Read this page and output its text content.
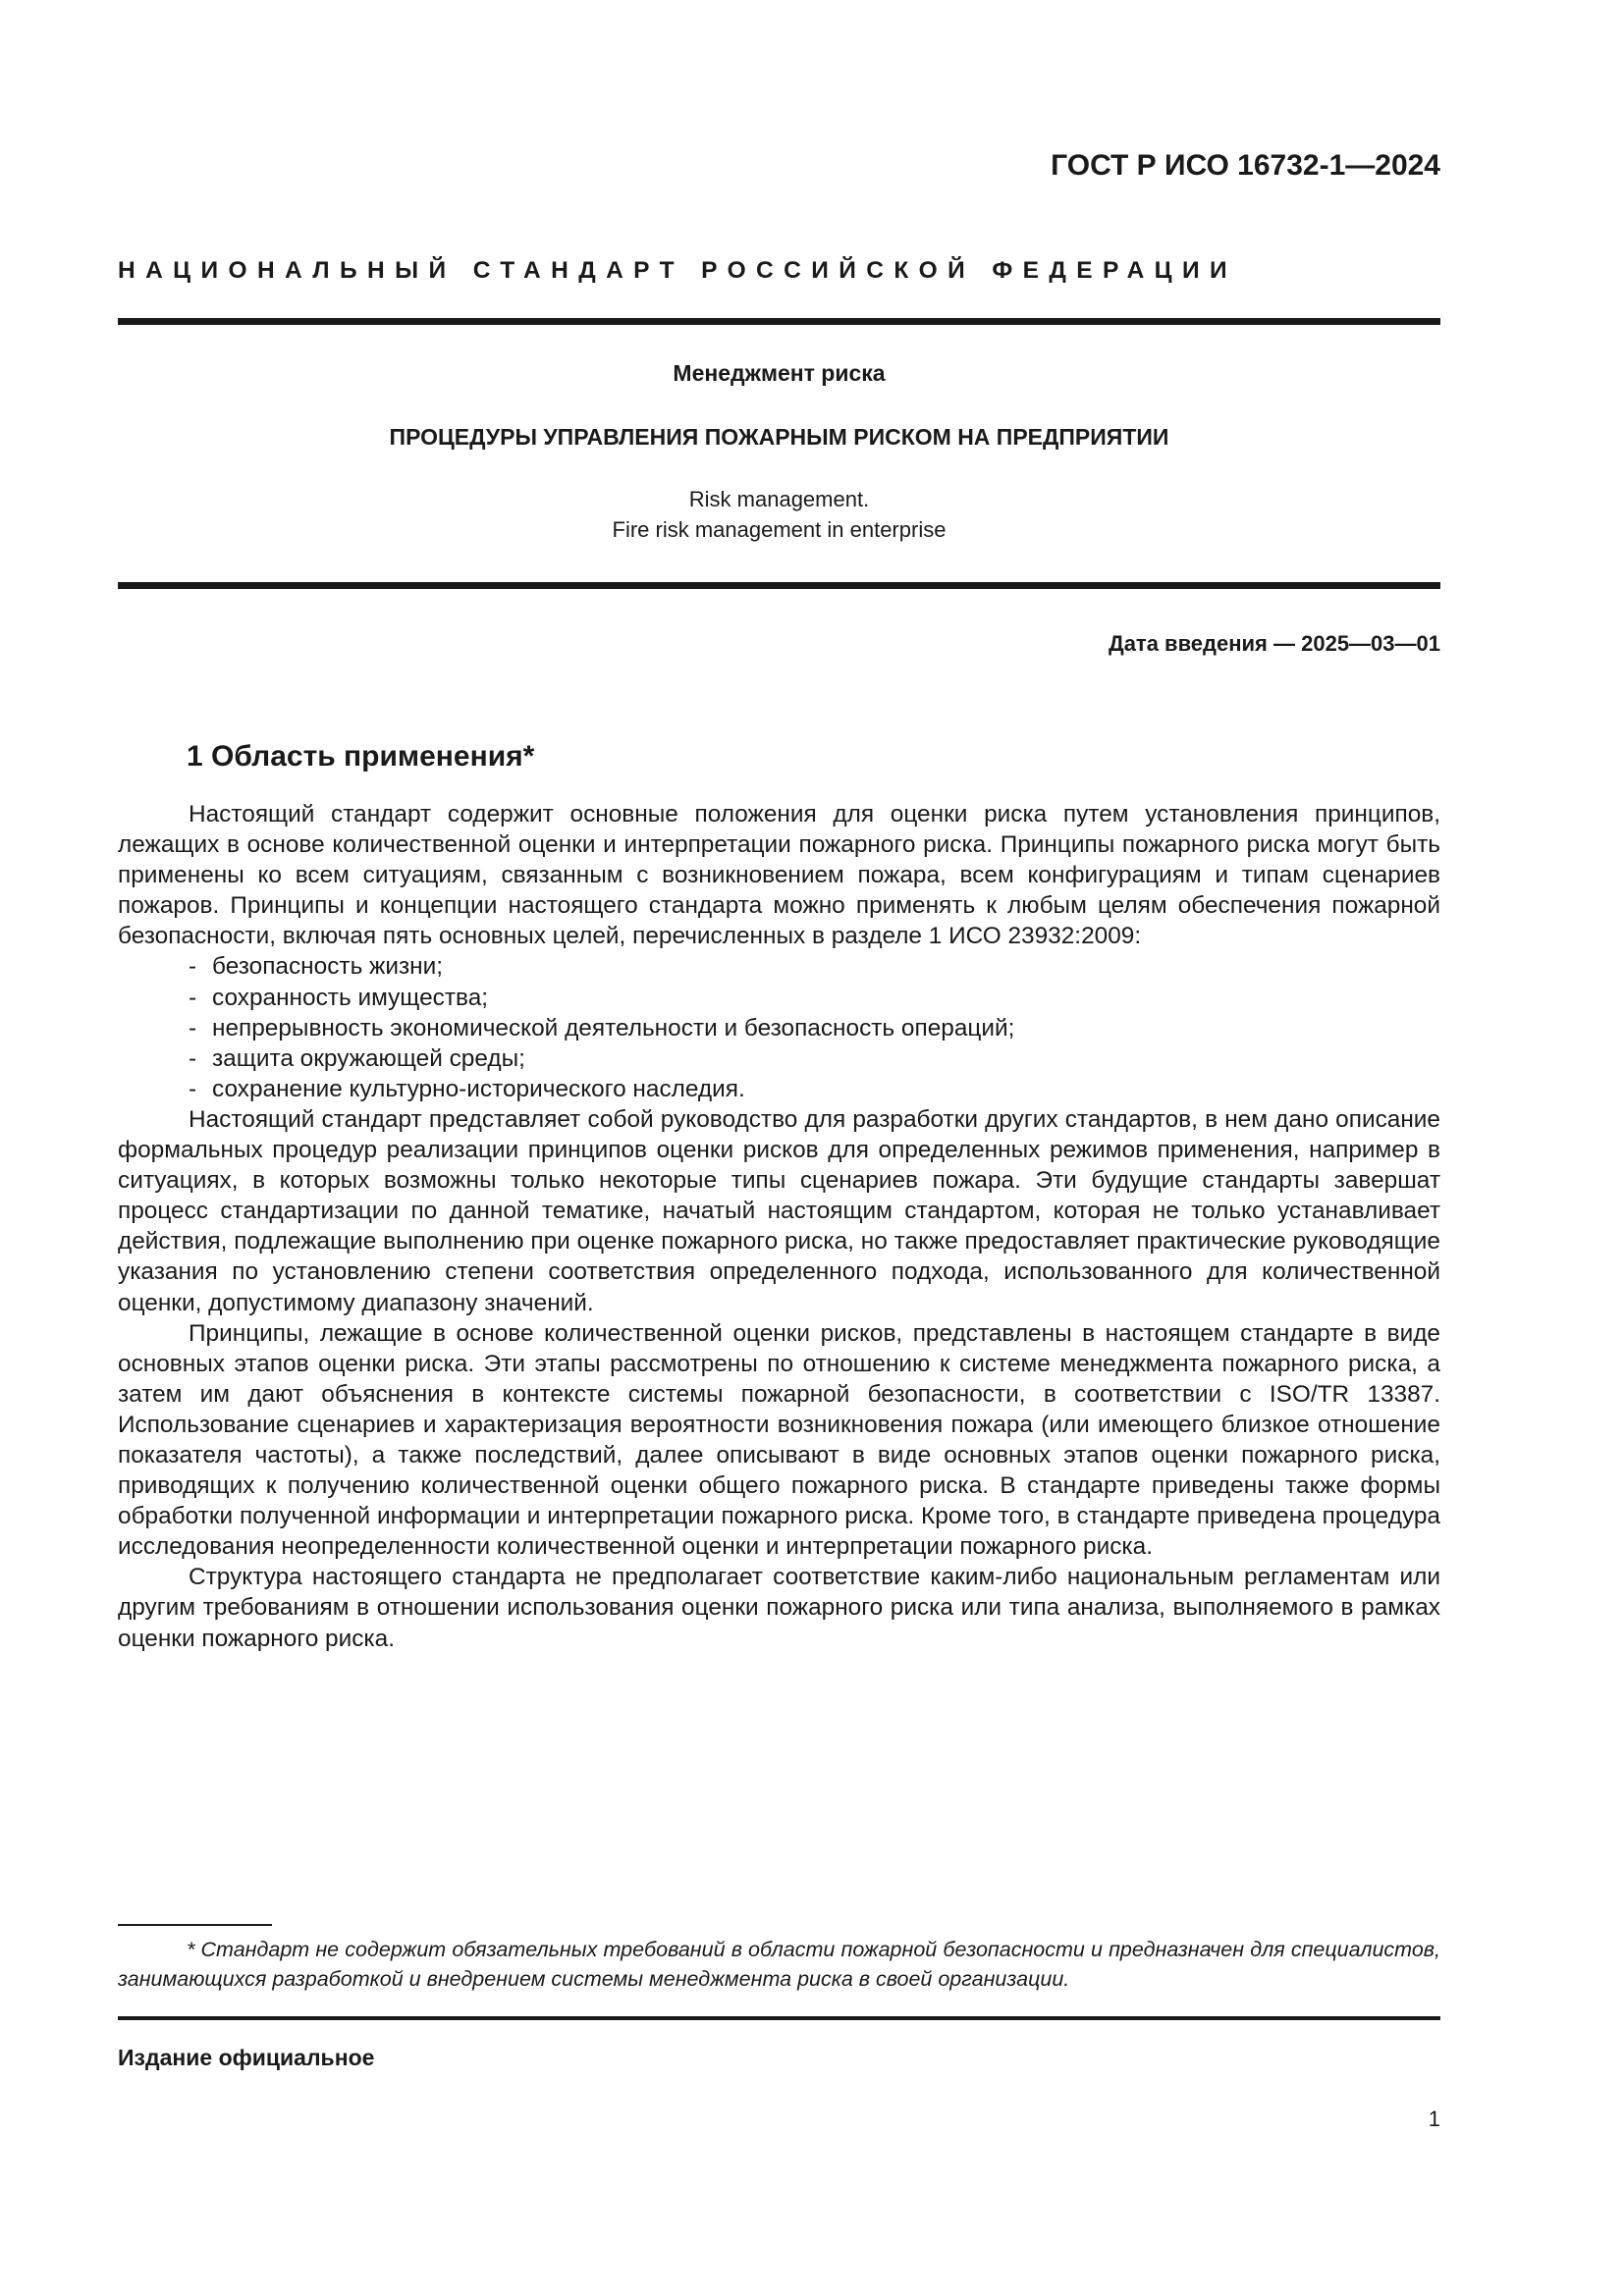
ГОСТ Р ИСО 16732-1—2024
НАЦИОНАЛЬНЫЙ СТАНДАРТ РОССИЙСКОЙ ФЕДЕРАЦИИ
Менеджмент риска
ПРОЦЕДУРЫ УПРАВЛЕНИЯ ПОЖАРНЫМ РИСКОМ НА ПРЕДПРИЯТИИ
Risk management.
Fire risk management in enterprise
Дата введения — 2025—03—01
1 Область применения*

Настоящий стандарт содержит основные положения для оценки риска путем установления принципов, лежащих в основе количественной оценки и интерпретации пожарного риска. Принципы пожарного риска могут быть применены ко всем ситуациям, связанным с возникновением пожара, всем конфигурациям и типам сценариев пожаров. Принципы и концепции настоящего стандарта можно применять к любым целям обеспечения пожарной безопасности, включая пять основных целей, перечисленных в разделе 1 ИСО 23932:2009:

- безопасность жизни;
- сохранность имущества;
- непрерывность экономической деятельности и безопасность операций;
- защита окружающей среды;
- сохранение культурно-исторического наследия.

Настоящий стандарт представляет собой руководство для разработки других стандартов, в нем дано описание формальных процедур реализации принципов оценки рисков для определенных режимов применения, например в ситуациях, в которых возможны только некоторые типы сценариев пожара. Эти будущие стандарты завершат процесс стандартизации по данной тематике, начатый настоящим стандартом, которая не только устанавливает действия, подлежащие выполнению при оценке пожарного риска, но также предоставляет практические руководящие указания по установлению степени соответствия определенного подхода, использованного для количественной оценки, допустимому диапазону значений.

Принципы, лежащие в основе количественной оценки рисков, представлены в настоящем стандарте в виде основных этапов оценки риска. Эти этапы рассмотрены по отношению к системе менеджмента пожарного риска, а затем им дают объяснения в контексте системы пожарной безопасности, в соответствии с ISO/TR 13387. Использование сценариев и характеризация вероятности возникновения пожара (или имеющего близкое отношение показателя частоты), а также последствий, далее описывают в виде основных этапов оценки пожарного риска, приводящих к получению количественной оценки общего пожарного риска. В стандарте приведены также формы обработки полученной информации и интерпретации пожарного риска. Кроме того, в стандарте приведена процедура исследования неопределенности количественной оценки и интерпретации пожарного риска.

Структура настоящего стандарта не предполагает соответствие каким-либо национальным регламентам или другим требованиям в отношении использования оценки пожарного риска или типа анализа, выполняемого в рамках оценки пожарного риска.

* Стандарт не содержит обязательных требований в области пожарной безопасности и предназначен для специалистов, занимающихся разработкой и внедрением системы менеджмента риска в своей организации.
Издание официальное
1
